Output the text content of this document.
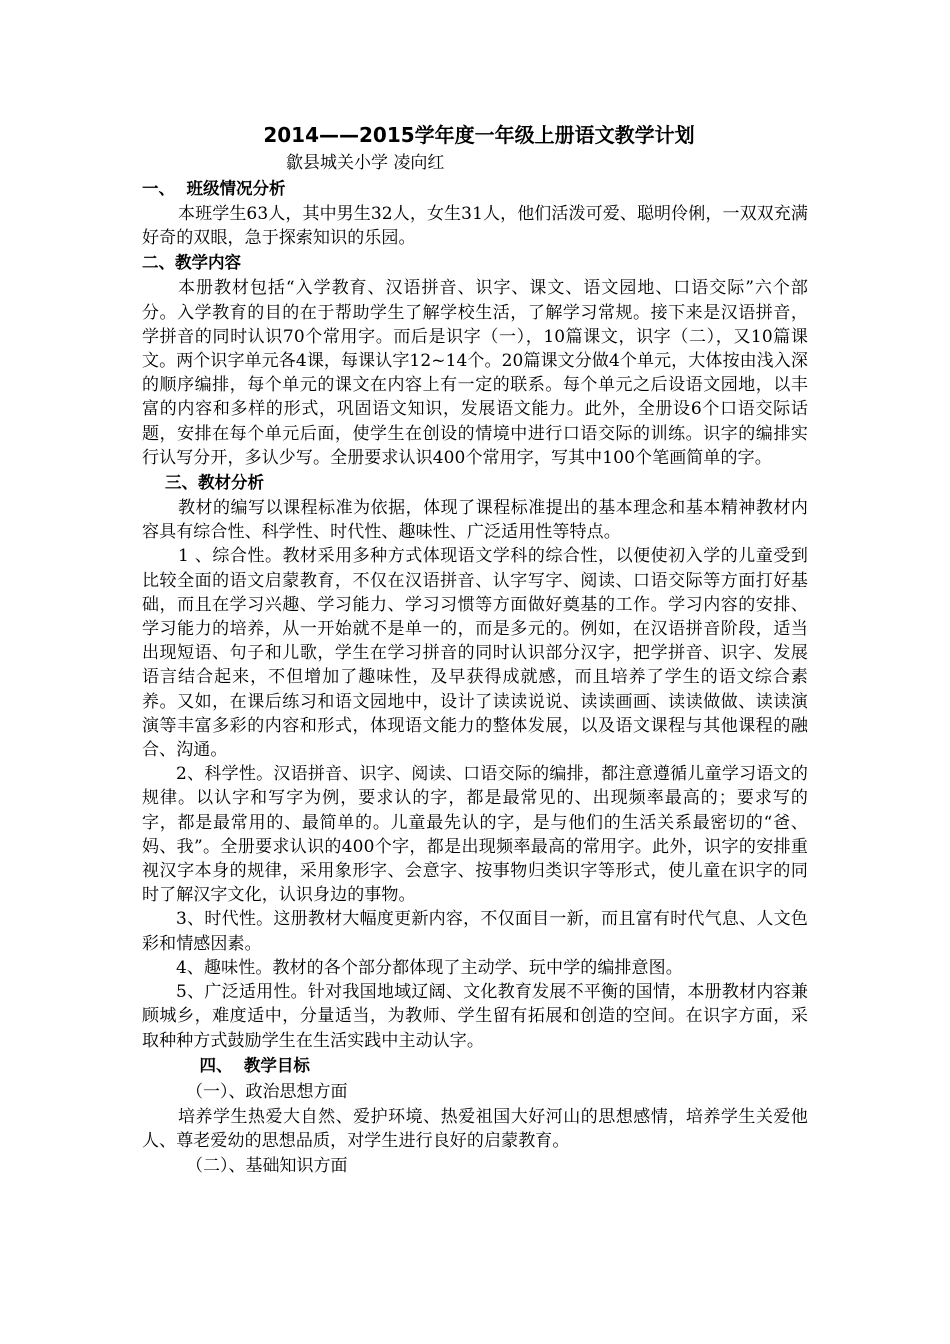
2014——2015学年度一年级上册语文教学计划

歙县城关小学 凌向红

一、  班级情况分析

本班学生63人，其中男生32人，女生31人，他们活泼可爱、聪明伶俐，一双双充满好奇的双眼，急于探索知识的乐园。

二、教学内容

本册教材包括“入学教育、汉语拼音、识字、课文、语文园地、口语交际”六个部分。入学教育的目的在于帮助学生了解学校生活，了解学习常规。接下来是汉语拼音，学拼音的同时认识70个常用字。而后是识字（一），10篇课文，识字（二），又10篇课文。两个识字单元各4课，每课认字12~14个。20篇课文分做4个单元，大体按由浅入深的顺序编排，每个单元的课文在内容上有一定的联系。每个单元之后设语文园地，以丰富的内容和多样的形式，巩固语文知识，发展语文能力。此外，全册设6个口语交际话题，安排在每个单元后面，使学生在创设的情境中进行口语交际的训练。识字的编排实行认写分开，多认少写。全册要求认识400个常用字，写其中100个笔画简单的字。

三、教材分析

教材的编写以课程标准为依据，体现了课程标准提出的基本理念和基本精神教材内容具有综合性、科学性、时代性、趣味性、广泛适用性等特点。

1 、综合性。教材采用多种方式体现语文学科的综合性，以便使初入学的儿童受到比较全面的语文启蒙教育，不仅在汉语拼音、认字写字、阅读、口语交际等方面打好基础，而且在学习兴趣、学习能力、学习习惯等方面做好奠基的工作。学习内容的安排、学习能力的培养，从一开始就不是单一的，而是多元的。例如，在汉语拼音阶段，适当出现短语、句子和儿歌，学生在学习拼音的同时认识部分汉字，把学拼音、识字、发展语言结合起来，不但增加了趣味性，及早获得成就感，而且培养了学生的语文综合素养。又如，在课后练习和语文园地中，设计了读读说说、读读画画、读读做做、读读演演等丰富多彩的内容和形式，体现语文能力的整体发展，以及语文课程与其他课程的融合、沟通。

2、科学性。汉语拼音、识字、阅读、口语交际的编排，都注意遵循儿童学习语文的规律。以认字和写字为例，要求认的字，都是最常见的、出现频率最高的；要求写的字，都是最常用的、最简单的。儿童最先认的字，是与他们的生活关系最密切的“爸、妈、我”。全册要求认识的400个字，都是出现频率最高的常用字。此外，识字的安排重视汉字本身的规律，采用象形字、会意字、按事物归类识字等形式，使儿童在识字的同时了解汉字文化，认识身边的事物。

3、时代性。这册教材大幅度更新内容，不仅面目一新，而且富有时代气息、人文色彩和情感因素。

4、趣味性。教材的各个部分都体现了主动学、玩中学的编排意图。

5、广泛适用性。针对我国地域辽阔、文化教育发展不平衡的国情，本册教材内容兼顾城乡，难度适中，分量适当，为教师、学生留有拓展和创造的空间。在识字方面，采取种种方式鼓励学生在生活实践中主动认字。

四、  教学目标

（一）、政治思想方面

培养学生热爱大自然、爱护环境、热爱祖国大好河山的思想感情，培养学生关爱他人、尊老爱幼的思想品质，对学生进行良好的启蒙教育。

（二）、基础知识方面
